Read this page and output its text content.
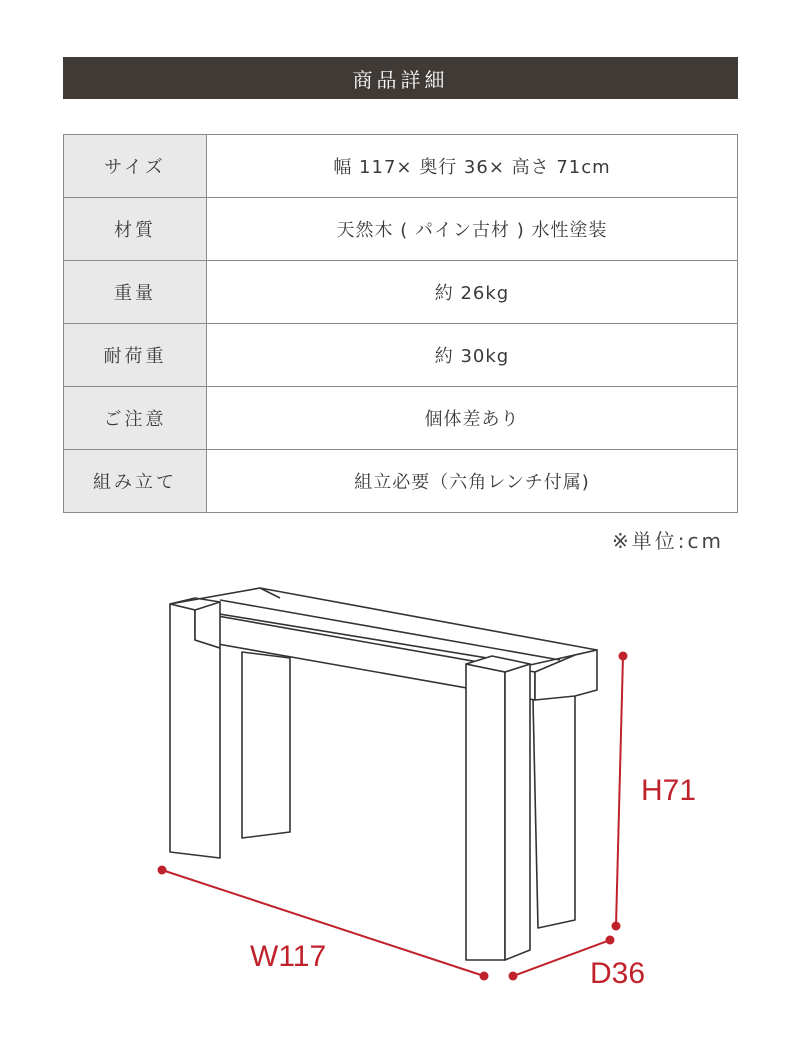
商品詳細
サイズ	幅 117× 奥行 36× 高さ 71cm
材質	天然木 ( パイン古材 ) 水性塗装
重量	約 26kg
耐荷重	約 30kg
ご注意	個体差あり
組み立て	組立必要（六角レンチ付属)
※単位:cm
W117
D36
H71
